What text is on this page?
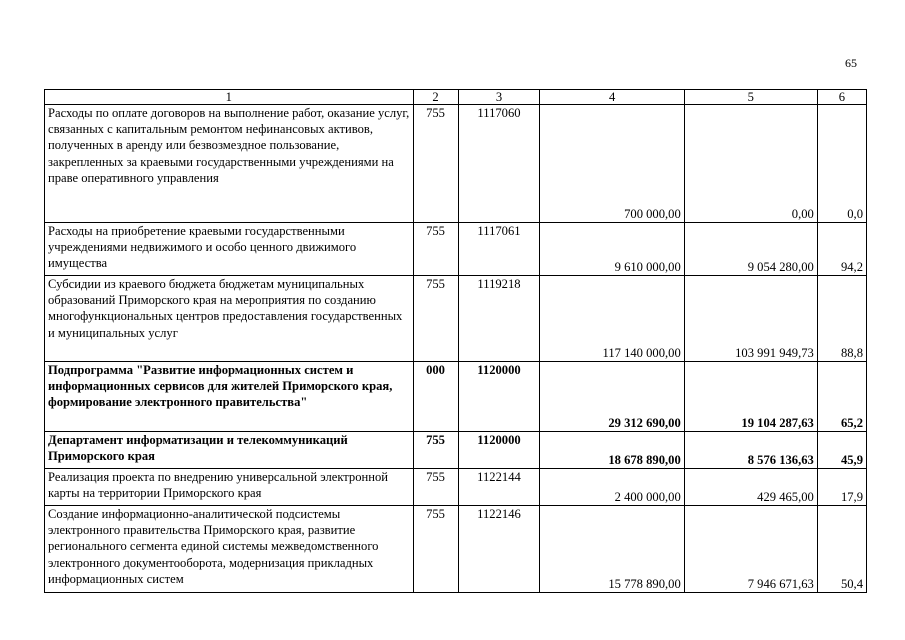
65
1	2	3	4	5	6
Расходы по оплате договоров на выполнение работ, оказание услуг, связанных с капитальным ремонтом нефинансовых активов, полученных в аренду или безвозмездное пользование, закрепленных за краевыми государственными учреждениями на праве оперативного управления	755	1117060	700 000,00	0,00	0,0
Расходы на приобретение краевыми государственными учреждениями недвижимого и особо ценного движимого имущества	755	1117061	9 610 000,00	9 054 280,00	94,2
Субсидии из краевого бюджета бюджетам муниципальных образований Приморского края на мероприятия по созданию многофункциональных центров предоставления государственных и муниципальных услуг	755	1119218	117 140 000,00	103 991 949,73	88,8
Подпрограмма "Развитие информационных систем и информационных сервисов для жителей Приморского края, формирование электронного правительства"	000	1120000	29 312 690,00	19 104 287,63	65,2
Департамент информатизации и телекоммуникаций Приморского края	755	1120000	18 678 890,00	8 576 136,63	45,9
Реализация проекта по внедрению универсальной электронной карты на территории Приморского края	755	1122144	2 400 000,00	429 465,00	17,9
Создание информационно-аналитической подсистемы электронного правительства Приморского края, развитие регионального сегмента единой системы межведомственного электронного документооборота, модернизация прикладных информационных систем	755	1122146	15 778 890,00	7 946 671,63	50,4
